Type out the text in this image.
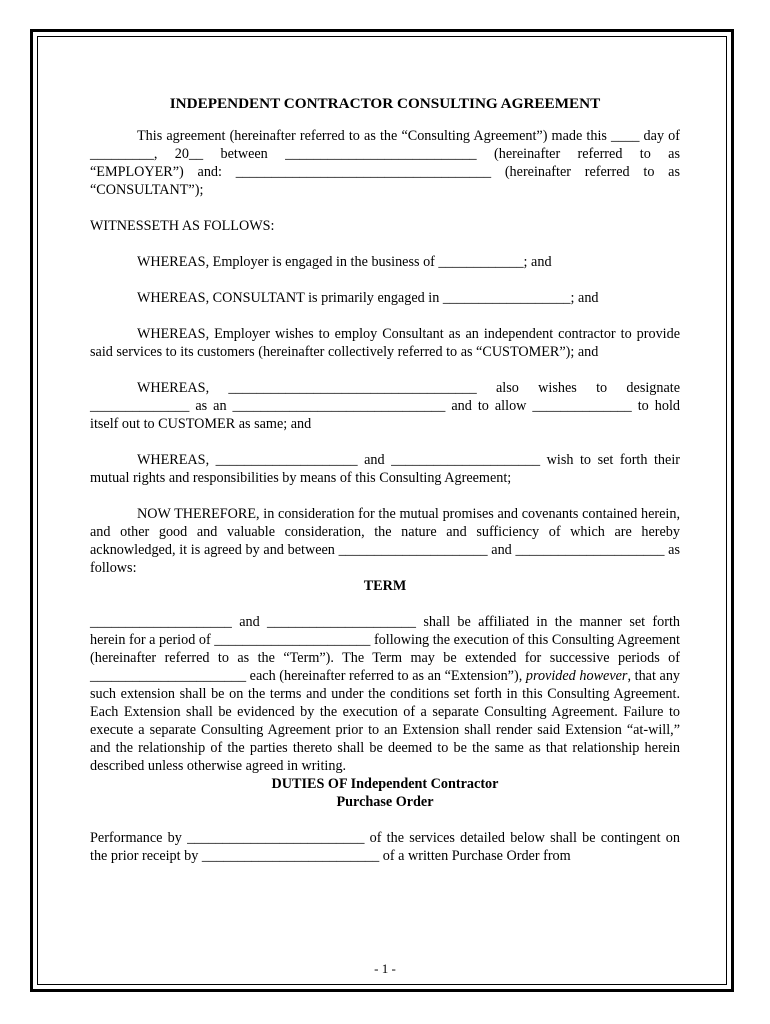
INDEPENDENT CONTRACTOR CONSULTING AGREEMENT

This agreement (hereinafter referred to as the “Consulting Agreement”) made this ____ day of _________, 20__ between ___________________________ (hereinafter referred to as “EMPLOYER”) and: ____________________________________ (hereinafter referred to as “CONSULTANT”);

WITNESSETH AS FOLLOWS:

WHEREAS, Employer is engaged in the business of ____________; and

WHEREAS, CONSULTANT is primarily engaged in __________________; and

WHEREAS, Employer wishes to employ Consultant as an independent contractor to provide said services to its customers (hereinafter collectively referred to as “CUSTOMER”); and

WHEREAS, ___________________________________ also wishes to designate ______________ as an ______________________________ and to allow ______________ to hold itself out to CUSTOMER as same; and

WHEREAS, ____________________ and _____________________ wish to set forth their mutual rights and responsibilities by means of this Consulting Agreement;

NOW THEREFORE, in consideration for the mutual promises and covenants contained herein, and other good and valuable consideration, the nature and sufficiency of which are hereby acknowledged, it is agreed by and between _____________________ and _____________________ as follows:

TERM

____________________ and _____________________ shall be affiliated in the manner set forth herein for a period of ______________________ following the execution of this Consulting Agreement (hereinafter referred to as the “Term”). The Term may be extended for successive periods of ______________________ each (hereinafter referred to as an “Extension”), provided however, that any such extension shall be on the terms and under the conditions set forth in this Consulting Agreement. Each Extension shall be evidenced by the execution of a separate Consulting Agreement. Failure to execute a separate Consulting Agreement prior to an Extension shall render said Extension “at-will,” and the relationship of the parties thereto shall be deemed to be the same as that relationship herein described unless otherwise agreed in writing.

DUTIES OF Independent Contractor
Purchase Order

Performance by _________________________ of the services detailed below shall be contingent on the prior receipt by _________________________ of a written Purchase Order from

- 1 -
